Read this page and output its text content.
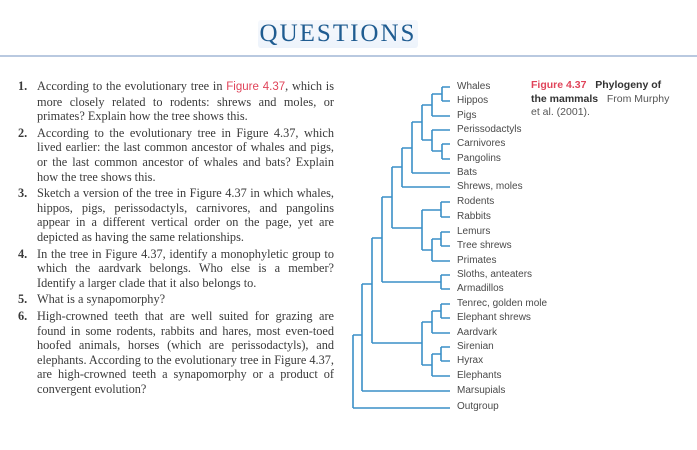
QUESTIONS
1. According to the evolutionary tree in Figure 4.37, which is more closely related to rodents: shrews and moles, or primates? Explain how the tree shows this.
2. According to the evolutionary tree in Figure 4.37, which lived earlier: the last common ancestor of whales and pigs, or the last common ancestor of whales and bats? Explain how the tree shows this.
3. Sketch a version of the tree in Figure 4.37 in which whales, hippos, pigs, perissodactyls, carnivores, and pangolins appear in a different vertical order on the page, yet are depicted as having the same relationships.
4. In the tree in Figure 4.37, identify a monophyletic group to which the aardvark belongs. Who else is a member? Identify a larger clade that it also belongs to.
5. What is a synapomorphy?
6. High-crowned teeth that are well suited for grazing are found in some rodents, rabbits and hares, most even-toed hoofed animals, horses (which are perissodactyls), and elephants. According to the evolutionary tree in Figure 4.37, are high-crowned teeth a synapomorphy or a product of convergent evolution?
Whales
Hippos
Pigs
Perissodactyls
Carnivores
Pangolins
Bats
Shrews, moles
Rodents
Rabbits
Lemurs
Tree shrews
Primates
Sloths, anteaters
Armadillos
Tenrec, golden mole
Elephant shrews
Aardvark
Sirenian
Hyrax
Elephants
Marsupials
Outgroup
Figure 4.37 Phylogeny of the mammals From Murphy et al. (2001).
